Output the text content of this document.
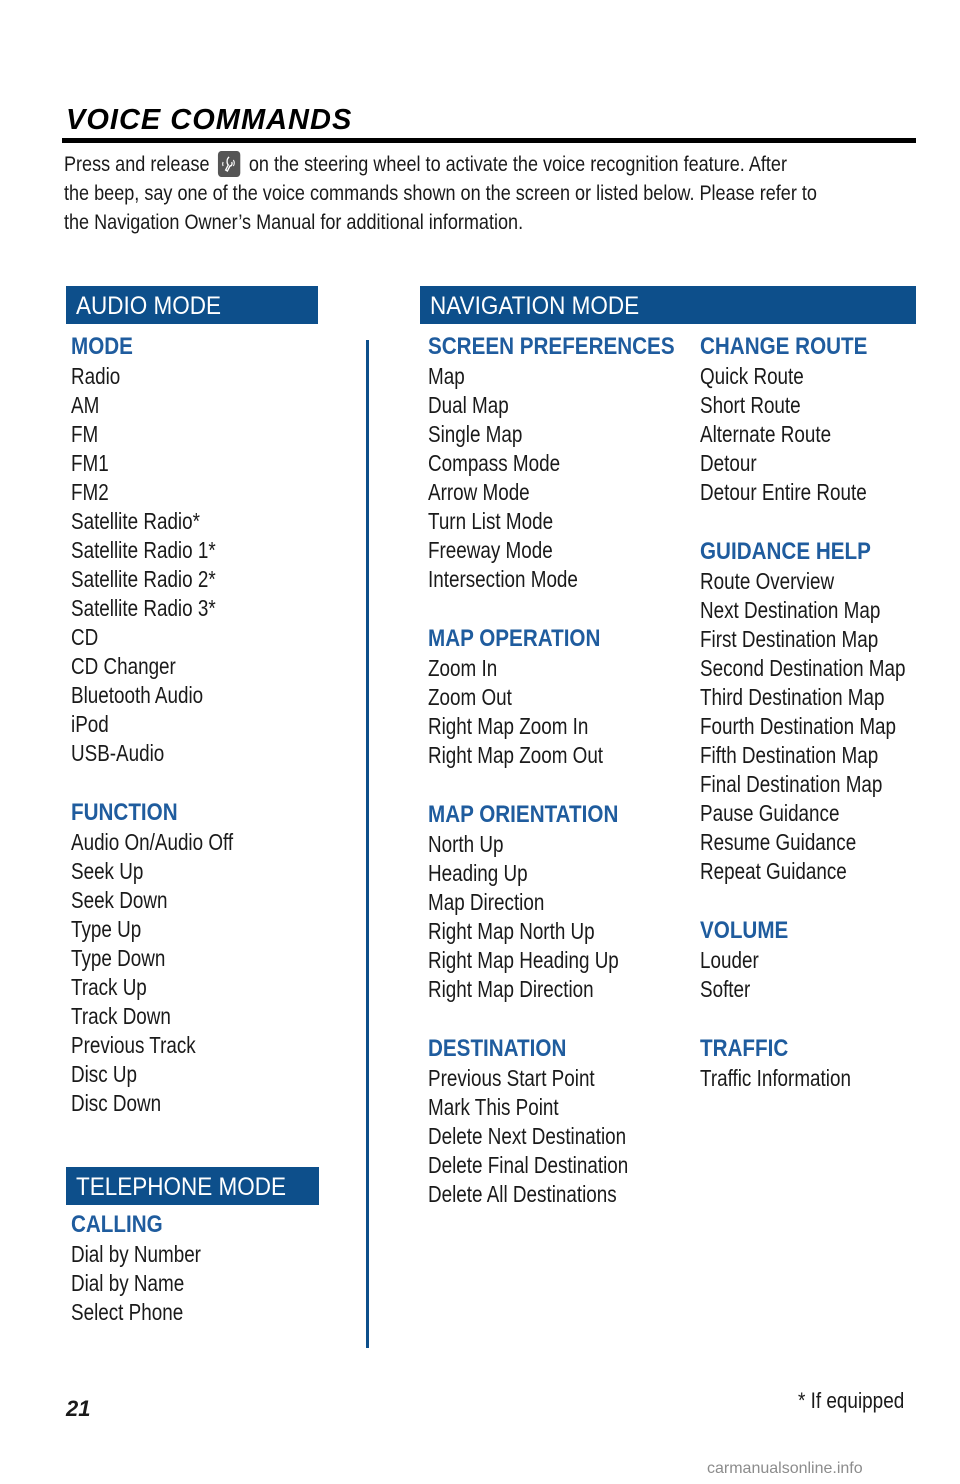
VOICE COMMANDS
Press and release on the steering wheel to activate the voice recognition feature. After
the beep, say one of the voice commands shown on the screen or listed below. Please refer to
the Navigation Owner’s Manual for additional information.
AUDIO MODE	NAVIGATION MODE
TELEPHONE MODE
MODE
Radio
AM
FM
FM1
FM2
Satellite Radio*
Satellite Radio 1*
Satellite Radio 2*
Satellite Radio 3*
CD
CD Changer
Bluetooth Audio
iPod
USB-Audio
FUNCTION
Audio On/Audio Off
Seek Up
Seek Down
Type Up
Type Down
Track Up
Track Down
Previous Track
Disc Up
Disc Down
CALLING
Dial by Number
Dial by Name
Select Phone
SCREEN PREFERENCES
Map
Dual Map
Single Map
Compass Mode
Arrow Mode
Turn List Mode
Freeway Mode
Intersection Mode
MAP OPERATION
Zoom In
Zoom Out
Right Map Zoom In
Right Map Zoom Out
MAP ORIENTATION
North Up
Heading Up
Map Direction
Right Map North Up
Right Map Heading Up
Right Map Direction
DESTINATION
Previous Start Point
Mark This Point
Delete Next Destination
Delete Final Destination
Delete All Destinations
CHANGE ROUTE
Quick Route
Short Route
Alternate Route
Detour
Detour Entire Route
GUIDANCE HELP
Route Overview
Next Destination Map
First Destination Map
Second Destination Map
Third Destination Map
Fourth Destination Map
Fifth Destination Map
Final Destination Map
Pause Guidance
Resume Guidance
Repeat Guidance
VOLUME
Louder
Softer
TRAFFIC
Traffic Information
21	* If equipped
carmanualsonline.info
